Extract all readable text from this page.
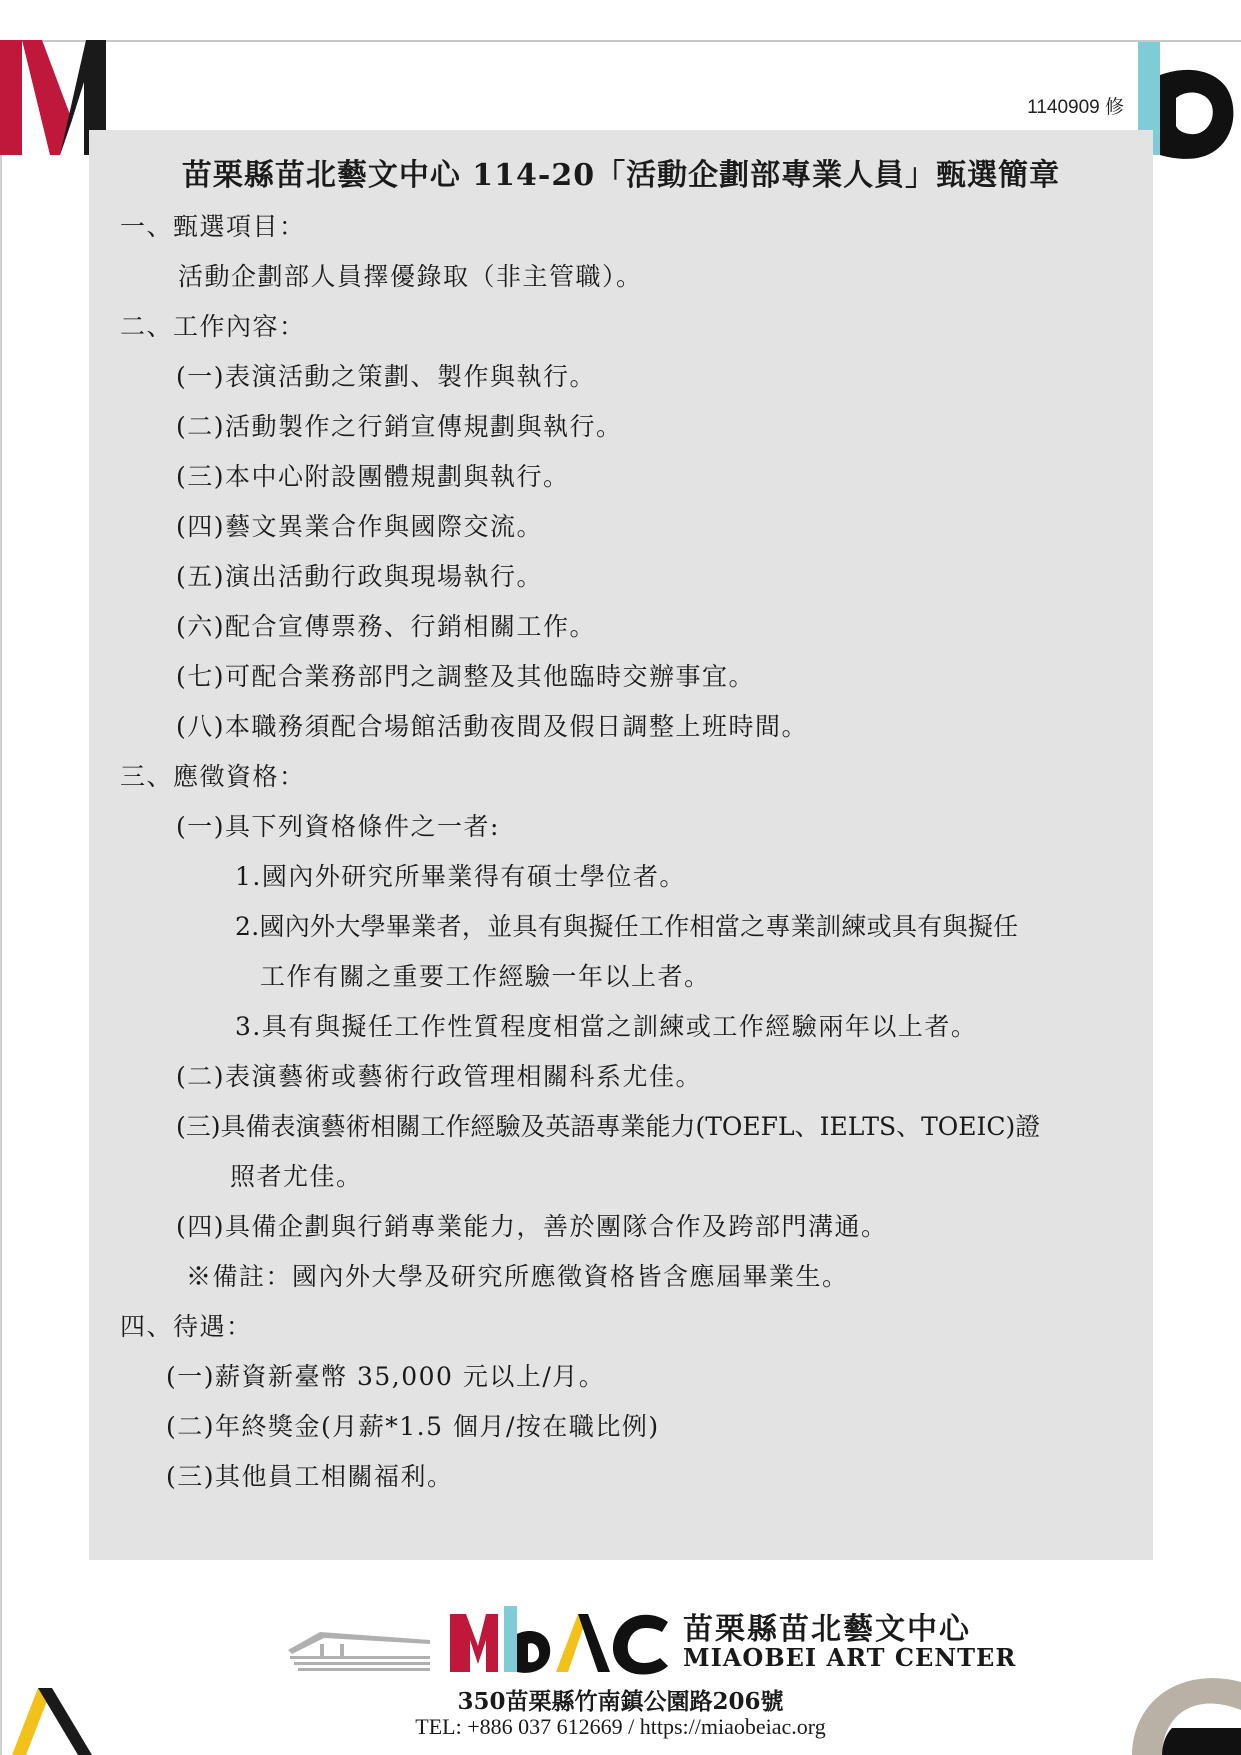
1140909 修
苗栗縣苗北藝文中心 114-20「活動企劃部專業人員」甄選簡章
一、甄選項目：
活動企劃部人員擇優錄取（非主管職）。
二、工作內容：
(一)表演活動之策劃、製作與執行。
(二)活動製作之行銷宣傳規劃與執行。
(三)本中心附設團體規劃與執行。
(四)藝文異業合作與國際交流。
(五)演出活動行政與現場執行。
(六)配合宣傳票務、行銷相關工作。
(七)可配合業務部門之調整及其他臨時交辦事宜。
(八)本職務須配合場館活動夜間及假日調整上班時間。
三、應徵資格：
(一)具下列資格條件之一者:
1.國內外研究所畢業得有碩士學位者。
2.國內外大學畢業者，並具有與擬任工作相當之專業訓練或具有與擬任
工作有關之重要工作經驗一年以上者。
3.具有與擬任工作性質程度相當之訓練或工作經驗兩年以上者。
(二)表演藝術或藝術行政管理相關科系尤佳。
(三)具備表演藝術相關工作經驗及英語專業能力(TOEFL、IELTS、TOEIC)證
照者尤佳。
(四)具備企劃與行銷專業能力，善於團隊合作及跨部門溝通。
※備註：國內外大學及研究所應徵資格皆含應屆畢業生。
四、待遇：
(一)薪資新臺幣 35,000 元以上/月。
(二)年終獎金(月薪*1.5 個月/按在職比例)
(三)其他員工相關福利。
MbAC
苗栗縣苗北藝文中心
MIAOBEI ART CENTER
350苗栗縣竹南鎮公園路206號
TEL: +886 037 612669 / https://miaobeiac.org
